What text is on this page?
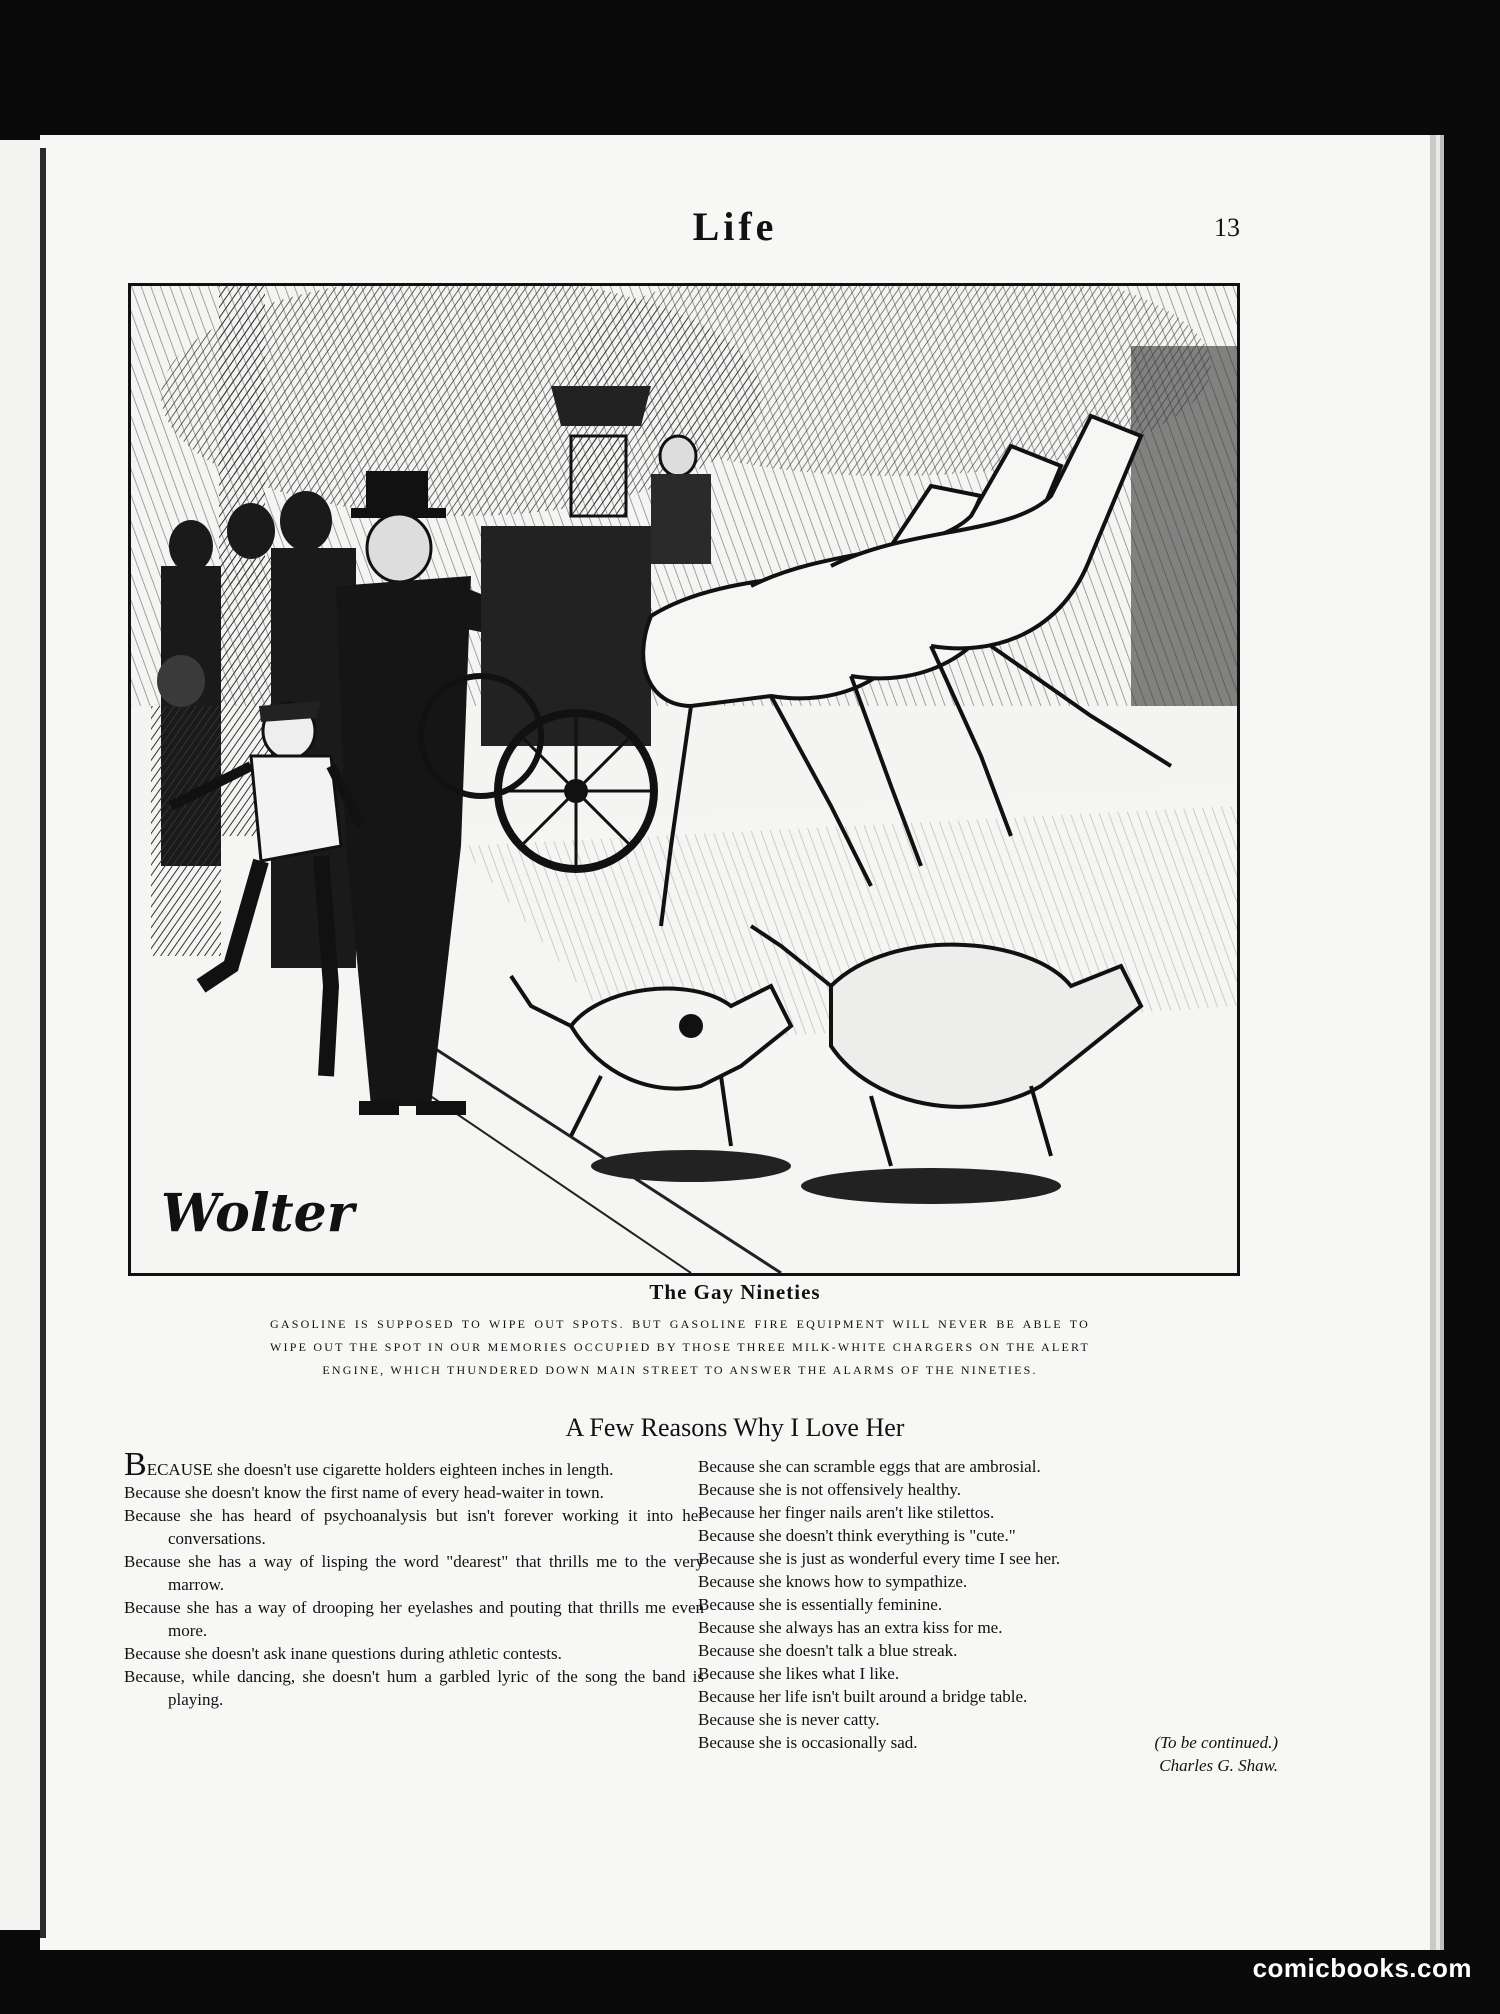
Life	13
Wolter
The Gay Nineties
GASOLINE IS SUPPOSED TO WIPE OUT SPOTS. BUT GASOLINE FIRE EQUIPMENT WILL NEVER BE ABLE TO WIPE OUT THE SPOT IN OUR MEMORIES OCCUPIED BY THOSE THREE MILK-WHITE CHARGERS ON THE ALERT ENGINE, WHICH THUNDERED DOWN MAIN STREET TO ANSWER THE ALARMS OF THE NINETIES.
A Few Reasons Why I Love Her

BECAUSE she doesn't use cigarette holders eighteen inches in length.

Because she doesn't know the first name of every head-waiter in town.

Because she has heard of psychoanalysis but isn't forever working it into her conversations.

Because she has a way of lisping the word "dearest" that thrills me to the very marrow.

Because she has a way of drooping her eyelashes and pouting that thrills me even more.

Because she doesn't ask inane questions during athletic contests.

Because, while dancing, she doesn't hum a garbled lyric of the song the band is playing.

Because she can scramble eggs that are ambrosial.

Because she is not offensively healthy.

Because her finger nails aren't like stilettos.

Because she doesn't think everything is "cute."

Because she is just as wonderful every time I see her.

Because she knows how to sympathize.

Because she is essentially feminine.

Because she always has an extra kiss for me.

Because she doesn't talk a blue streak.

Because she likes what I like.

Because her life isn't built around a bridge table.

Because she is never catty.

Because she is occasionally sad.	(To be continued.)

Charles G. Shaw.

comicbooks.com
